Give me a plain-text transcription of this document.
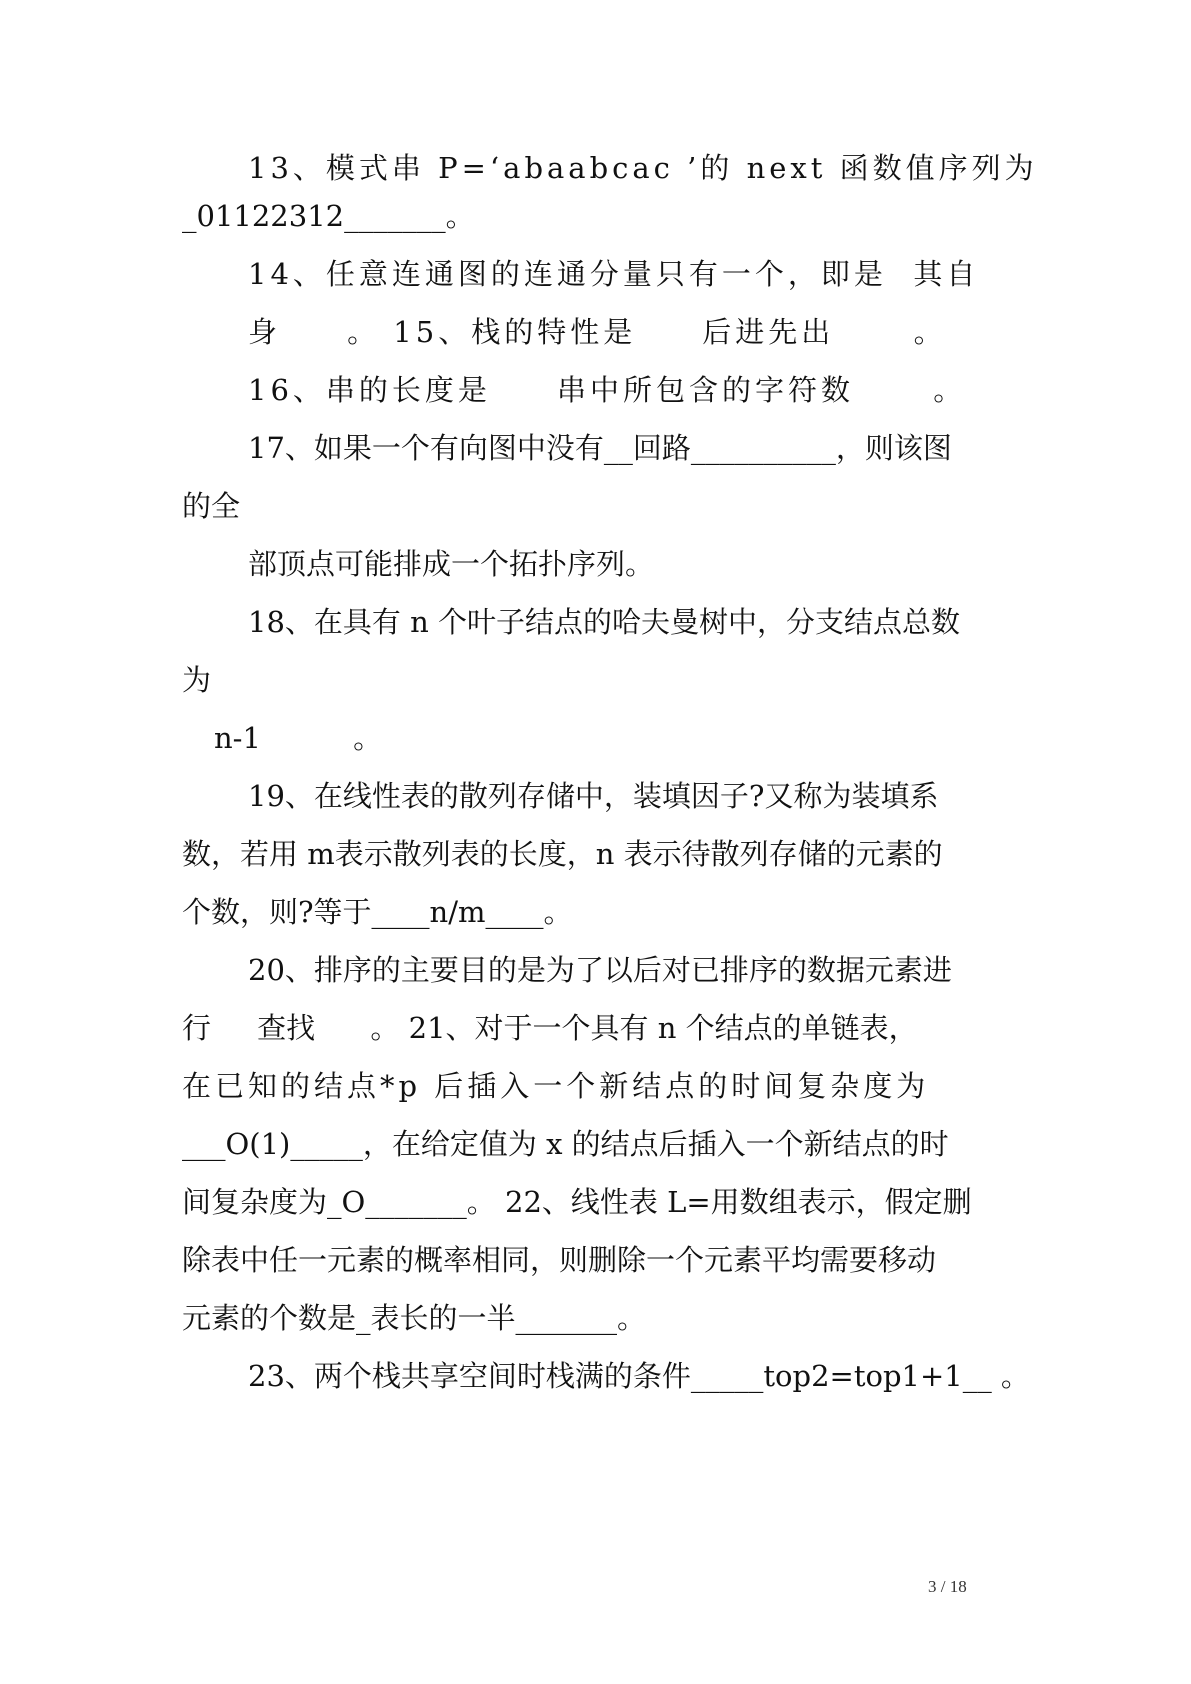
13、模式串 P=‘abaabcac ’的 next 函数值序列为

_01122312_______。

14、任意连通图的连通分量只有一个，即是  其自

身     。 15、栈的特性是     后进先出      。

16、串的长度是     串中所包含的字符数      。

17、如果一个有向图中没有__回路__________，则该图

的全

部顶点可能排成一个拓扑序列。

18、在具有 n 个叶子结点的哈夫曼树中，分支结点总数

为

n-1          。

19、在线性表的散列存储中，装填因子?又称为装填系

数，若用 m表示散列表的长度，n 表示待散列存储的元素的

个数，则?等于____n/m____。

20、排序的主要目的是为了以后对已排序的数据元素进

行     查找      。 21、对于一个具有 n 个结点的单链表，

在已知的结点*p 后插入一个新结点的时间复杂度为

___O(1)_____，在给定值为 x 的结点后插入一个新结点的时

间复杂度为_O_______。 22、线性表 L=用数组表示，假定删

除表中任一元素的概率相同，则删除一个元素平均需要移动

元素的个数是_表长的一半_______。

23、两个栈共享空间时栈满的条件_____top2=top1+1__ 。

3 / 18
